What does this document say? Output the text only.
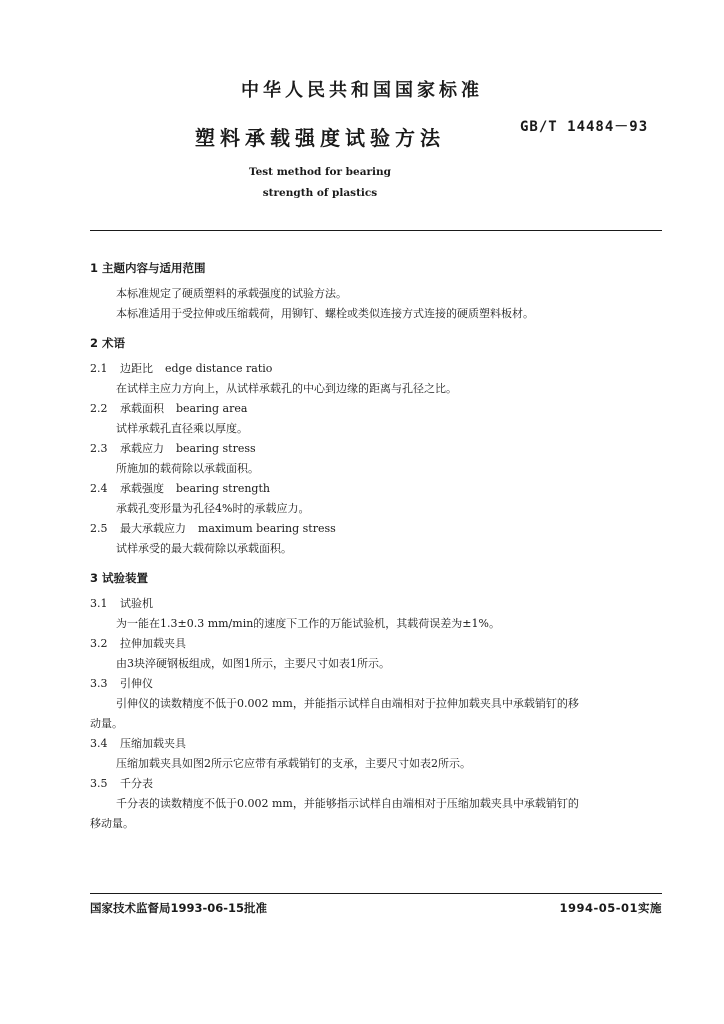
中华人民共和国国家标准
塑料承载强度试验方法	GB/T 14484－93
Test method for bearing
strength of plastics
1 主题内容与适用范围
本标准规定了硬质塑料的承载强度的试验方法。
本标准适用于受拉伸或压缩载荷，用铆钉、螺栓或类似连接方式连接的硬质塑料板材。
2 术语
2.1 边距比 edge distance ratio
在试样主应力方向上，从试样承载孔的中心到边缘的距离与孔径之比。
2.2 承载面积 bearing area
试样承载孔直径乘以厚度。
2.3 承载应力 bearing stress
所施加的载荷除以承载面积。
2.4 承载强度 bearing strength
承载孔变形量为孔径4%时的承载应力。
2.5 最大承载应力 maximum bearing stress
试样承受的最大载荷除以承载面积。
3 试验装置
3.1 试验机
为一能在1.3±0.3 mm/min的速度下工作的万能试验机，其载荷误差为±1%。
3.2 拉伸加载夹具
由3块淬硬钢板组成，如图1所示，主要尺寸如表1所示。
3.3 引伸仪
引伸仪的读数精度不低于0.002 mm，并能指示试样自由端相对于拉伸加载夹具中承载销钉的移
动量。
3.4 压缩加载夹具
压缩加载夹具如图2所示它应带有承载销钉的支承，主要尺寸如表2所示。
3.5 千分表
千分表的读数精度不低于0.002 mm，并能够指示试样自由端相对于压缩加载夹具中承载销钉的
移动量。
国家技术监督局1993-06-15批准	1994-05-01实施
